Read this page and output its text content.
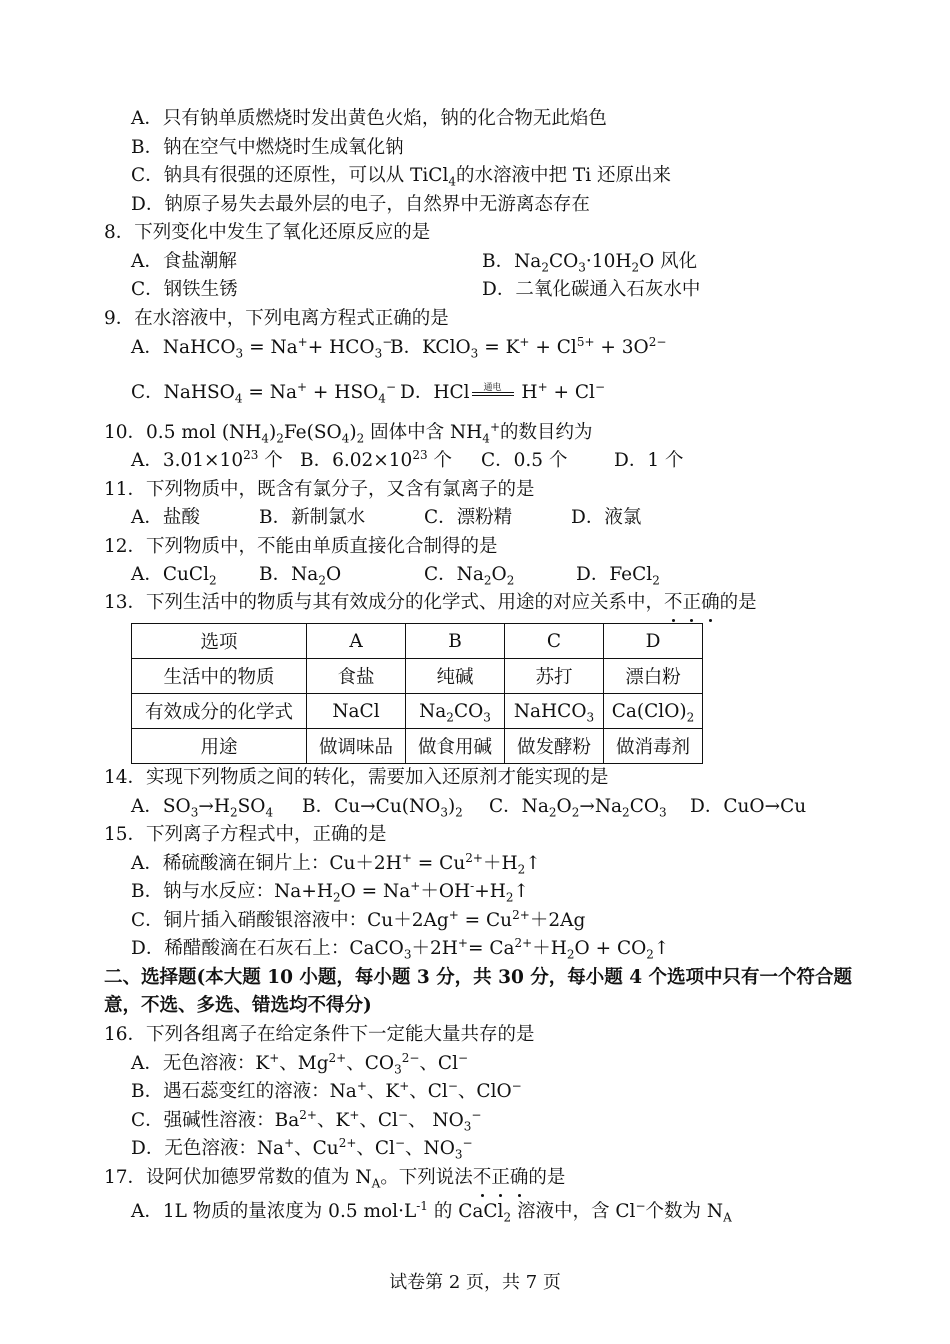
A．只有钠单质燃烧时发出黄色火焰，钠的化合物无此焰色
B．钠在空气中燃烧时生成氧化钠
C．钠具有很强的还原性，可以从 TiCl$_4$的水溶液中把 Ti 还原出来
D．钠原子易失去最外层的电子，自然界中无游离态存在
8．下列变化中发生了氧化还原反应的是
A．食盐潮解	B．$Na_2CO_3\cdot 10H_2O$ 风化
C．钢铁生锈	D．二氧化碳通入石灰水中
9．在水溶液中，下列电离方程式正确的是
A．NaHCO$_3$ = $Na^++ HCO_3^-$
B．KClO$_3$ = $K^+ + Cl^{5+} + 3O^{2-}$
C．NaHSO$_4$ = $Na^+ + HSO_4^-$ D．HCl	通电 H+ + Cl−
10．0.5 mol $(NH_4)_2Fe(SO_4)_2$ 固体中含 $NH_4^+$的数目约为
A．$3.01\times 10^{23}$ 个 B．$6.02\times 10^{23}$ 个 C．0.5 个	D．1 个
11．下列物质中，既含有氯分子，又含有氯离子的是
A．盐酸	B．新制氯水	C．漂粉精	D．液氯
12．下列物质中，不能由单质直接化合制得的是
A．CuCl$_2$ B．$Na_2O$	C．$Na_2O_2$	D．FeCl$_2$
13．下列生活中的物质与其有效成分的化学式、用途的对应关系中，不正确的是
选项	A	B	C	D
生活中的物质	食盐	纯碱	苏打	漂白粉
有效成分的化学式	NaCl	$Na_2CO_3$	NaHCO$_3$	$Ca(ClO)_2$
用途	做调味品	做食用碱	做发酵粉	做消毒剂
14．实现下列物质之间的转化，需要加入还原剂才能实现的是
A．$SO_3\to H_2SO_4$ B．$Cu\to Cu(NO_3)_2$ C．$Na_2O_2\to Na_2CO_3$ D．CuO→Cu
15．下列离子方程式中，正确的是
A．稀硫酸滴在铜片上：$Cu+2H^+ = Cu^{2+}+H_2↑$
B．钠与水反应：$Na+H_2O$ = $Na^++OH^-+H_2↑$
C．铜片插入硝酸银溶液中：$Cu+2Ag^+ = Cu^{2+}+2Ag$
D．稀醋酸滴在石灰石上：CaCO$_3$＋2H+= $Ca^{2+}+H_2O$ + $CO_2↑$
二、选择题(本大题 10 小题，每小题 3 分，共 30 分，每小题 4 个选项中只有一个符合题
意，不选、多选、错选均不得分)
16．下列各组离子在给定条件下一定能大量共存的是
A．无色溶液：K+、$Mg^{2+}$、$CO_3^{2-}$、Cl−
B．遇石蕊变红的溶液：Na+、K+、Cl−、ClO−
C．强碱性溶液：$Ba^{2+}$、K+、Cl−、 $NO_3^-$
D．无色溶液：Na+、$Cu^{2+}$、Cl−、$NO_3^-$
17．设阿伏加德罗常数的值为 $N_A$。下列说法不正确的是
A．1L 物质的量浓度为 0.5 $mol\cdot L^{-1}$ 的 CaCl$_2$ 溶液中，含 Cl−个数为 $N_A$
试卷第 2 页，共 7 页
